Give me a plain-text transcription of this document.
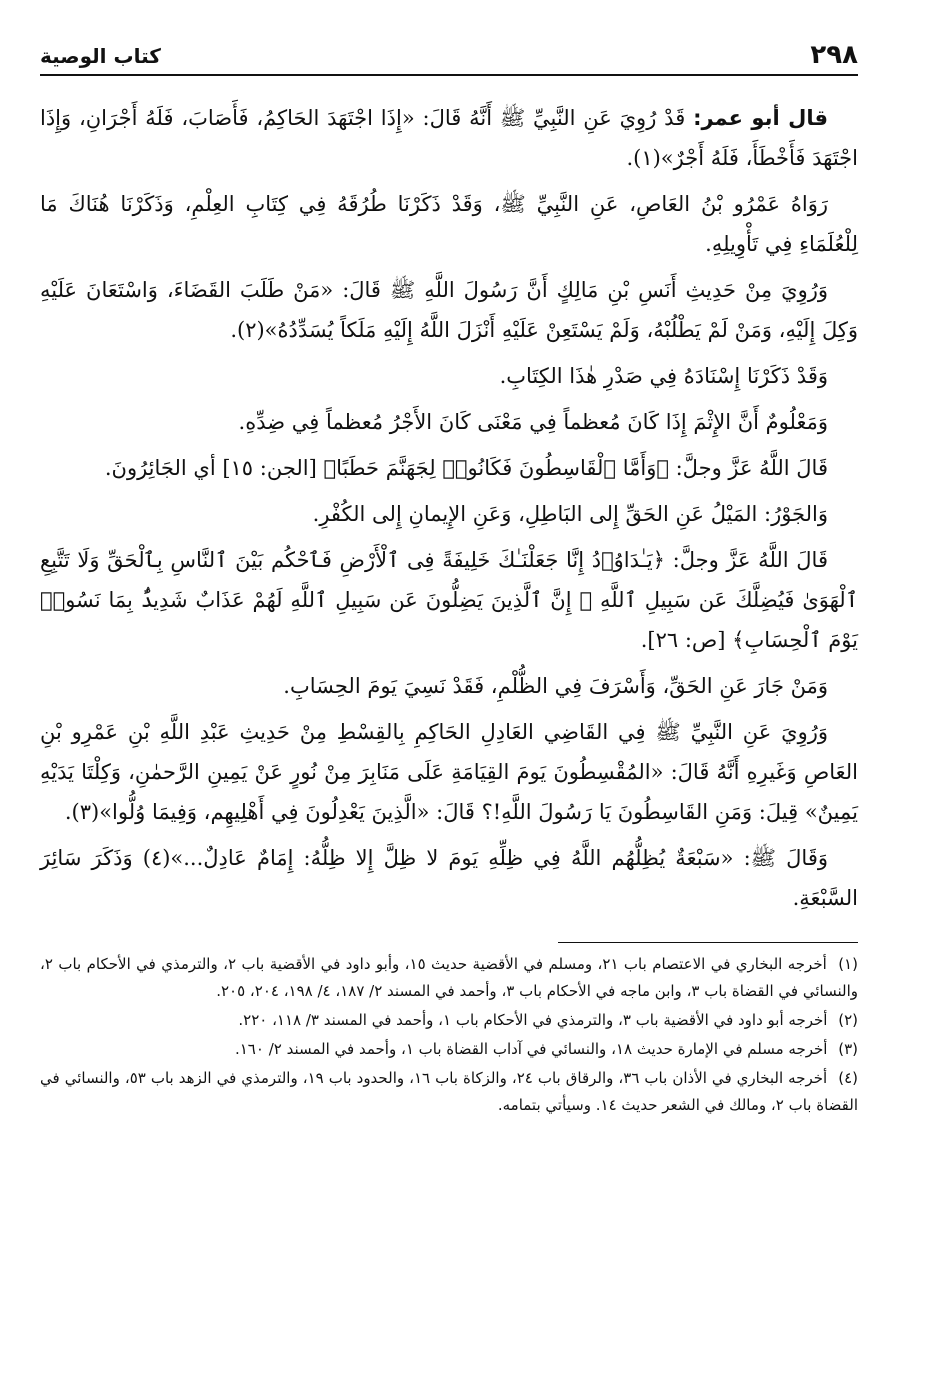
٢٩٨
كتاب الوصية

قال أبو عمر: قَدْ رُوِيَ عَنِ النَّبِيِّ ﷺ أَنَّهُ قَالَ: «إِذَا اجْتَهَدَ الحَاكِمُ، فَأَصَابَ، فَلَهُ أَجْرَانِ، وَإِذَا اجْتَهَدَ فَأَخْطَأَ، فَلَهُ أَجْرٌ»(١).

رَوَاهُ عَمْرُو بْنُ العَاصِ، عَنِ النَّبِيِّ ﷺ، وَقَدْ ذَكَرْنَا طُرُقَهُ فِي كِتَابِ العِلْمِ، وَذَكَرْنَا هُنَاكَ مَا لِلْعُلَمَاءِ فِي تَأْوِيلِهِ.

وَرُوِيَ مِنْ حَدِيثِ أَنَسِ بْنِ مَالِكٍ أَنَّ رَسُولَ اللَّهِ ﷺ قَالَ: «مَنْ طَلَبَ القَضَاءَ، وَاسْتَعَانَ عَلَيْهِ وَكِلَ إِلَيْهِ، وَمَنْ لَمْ يَطْلُبْهُ، وَلَمْ يَسْتَعِنْ عَلَيْهِ أَنْزَلَ اللَّهُ إِلَيْهِ مَلَكاً يُسَدِّدُهُ»(٢).

وَقَدْ ذَكَرْنَا إِسْنَادَهُ فِي صَدْرِ هٰذَا الكِتَابِ.

وَمَعْلُومٌ أَنَّ الإِثْمَ إِذَا كَانَ مُعظماً فِي مَعْنَى كَانَ الأَجْرُ مُعظماً فِي ضِدِّهِ.

قَالَ اللَّهُ عَزَّ وجلَّ: ﴿وَأَمَّا ٱلْقَاسِطُونَ فَكَانُوا۟ لِجَهَنَّمَ حَطَبًا﴾ [الجن: ١٥] أي الجَائِرُونَ.

وَالجَوْرُ: المَيْلُ عَنِ الحَقِّ إِلى البَاطِلِ، وَعَنِ الإِيمانِ إِلى الكُفْرِ.

قَالَ اللَّهُ عَزَّ وجلَّ: ﴿يَـٰدَاوُۥدُ إِنَّا جَعَلْنَـٰكَ خَلِيفَةً فِى ٱلْأَرْضِ فَٱحْكُم بَيْنَ ٱلنَّاسِ بِٱلْحَقِّ وَلَا تَتَّبِعِ ٱلْهَوَىٰ فَيُضِلَّكَ عَن سَبِيلِ ٱللَّهِ ۚ إِنَّ ٱلَّذِينَ يَضِلُّونَ عَن سَبِيلِ ٱللَّهِ لَهُمْ عَذَابٌ شَدِيدٌۢ بِمَا نَسُوا۟ يَوْمَ ٱلْحِسَابِ﴾ [ص: ٢٦].

وَمَنْ جَارَ عَنِ الحَقِّ، وَأَسْرَفَ فِي الظُّلْمِ، فَقَدْ نَسِيَ يَومَ الحِسَابِ.

وَرُوِيَ عَنِ النَّبِيِّ ﷺ فِي القَاضِي العَادِلِ الحَاكِمِ بِالقِسْطِ مِنْ حَدِيثِ عَبْدِ اللَّهِ بْنِ عَمْرِو بْنِ العَاصِ وَغَيرِهِ أَنَّهُ قَالَ: «المُقْسِطُونَ يَومَ القِيَامَةِ عَلَى مَنَابِرَ مِنْ نُورٍ عَنْ يَمِينِ الرَّحمٰنِ، وَكِلْتَا يَدَيْهِ يَمِينٌ» قِيلَ: وَمَنِ القَاسِطُونَ يَا رَسُولَ اللَّهِ!؟ قَالَ: «الَّذِينَ يَعْدِلُونَ فِي أَهْلِيهِم، وَفِيمَا وُلُّوا»(٣).

وَقَالَ ﷺ: «سَبْعَةٌ يُظِلُّهُم اللَّهُ فِي ظِلِّهِ يَومَ لا ظِلَّ إِلا ظِلُّهُ: إِمَامٌ عَادِلٌ...»(٤) وَذَكَرَ سَائِرَ السَّبْعَةِ.

(١) أخرجه البخاري في الاعتصام باب ٢١، ومسلم في الأقضية حديث ١٥، وأبو داود في الأقضية باب ٢، والترمذي في الأحكام باب ٢، والنسائي في القضاة باب ٣، وابن ماجه في الأحكام باب ٣، وأحمد في المسند ٢/ ١٨٧، ٤/ ١٩٨، ٢٠٤، ٢٠٥.

(٢) أخرجه أبو داود في الأقضية باب ٣، والترمذي في الأحكام باب ١، وأحمد في المسند ٣/ ١١٨، ٢٢٠.

(٣) أخرجه مسلم في الإمارة حديث ١٨، والنسائي في آداب القضاة باب ١، وأحمد في المسند ٢/ ١٦٠.

(٤) أخرجه البخاري في الأذان باب ٣٦، والرقاق باب ٢٤، والزكاة باب ١٦، والحدود باب ١٩، والترمذي في الزهد باب ٥٣، والنسائي في القضاة باب ٢، ومالك في الشعر حديث ١٤. وسيأتي بتمامه.
